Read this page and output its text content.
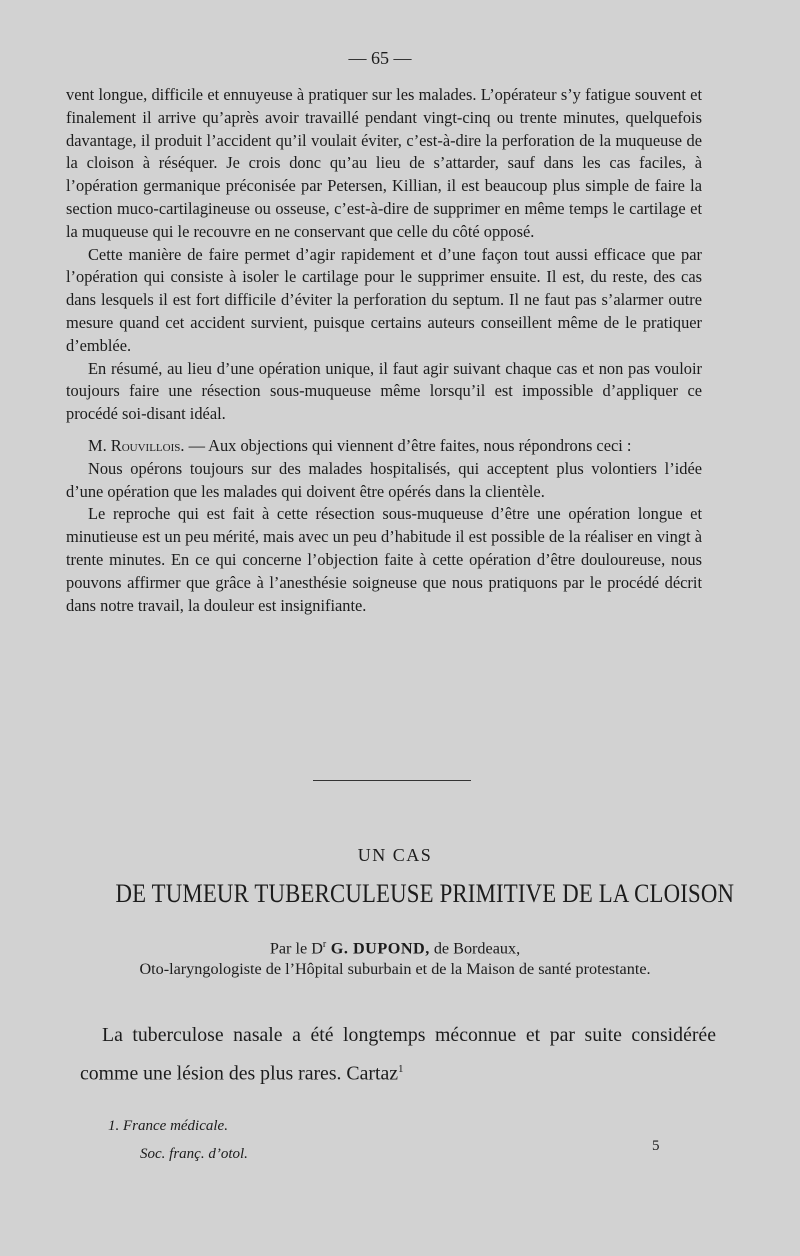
— 65 —

vent longue, difficile et ennuyeuse à pratiquer sur les malades. L’opérateur s’y fatigue souvent et finalement il arrive qu’après avoir travaillé pendant vingt-cinq ou trente minutes, quelquefois davantage, il produit l’accident qu’il voulait éviter, c’est-à-dire la perforation de la muqueuse de la cloison à réséquer. Je crois donc qu’au lieu de s’attarder, sauf dans les cas faciles, à l’opération germanique préconisée par Petersen, Killian, il est beaucoup plus simple de faire la section muco-cartilagineuse ou osseuse, c’est-à-dire de supprimer en même temps le cartilage et la muqueuse qui le recouvre en ne conservant que celle du côté opposé.

Cette manière de faire permet d’agir rapidement et d’une façon tout aussi efficace que par l’opération qui consiste à isoler le cartilage pour le supprimer ensuite. Il est, du reste, des cas dans lesquels il est fort difficile d’éviter la perforation du septum. Il ne faut pas s’alarmer outre mesure quand cet accident survient, puisque certains auteurs conseillent même de le pratiquer d’emblée.

En résumé, au lieu d’une opération unique, il faut agir suivant chaque cas et non pas vouloir toujours faire une résection sous-muqueuse même lorsqu’il est impossible d’appliquer ce procédé soi-disant idéal.

M. Rouvillois. — Aux objections qui viennent d’être faites, nous répondrons ceci :

Nous opérons toujours sur des malades hospitalisés, qui acceptent plus volontiers l’idée d’une opération que les malades qui doivent être opérés dans la clientèle.

Le reproche qui est fait à cette résection sous-muqueuse d’être une opération longue et minutieuse est un peu mérité, mais avec un peu d’habitude il est possible de la réaliser en vingt à trente minutes. En ce qui concerne l’objection faite à cette opération d’être douloureuse, nous pouvons affirmer que grâce à l’anesthésie soigneuse que nous pratiquons par le procédé décrit dans notre travail, la douleur est insignifiante.

UN CAS
DE TUMEUR TUBERCULEUSE PRIMITIVE DE LA CLOISON
Par le $D^r$ G. DUPOND, de Bordeaux,
Oto-laryngologiste de l’Hôpital suburbain et de la Maison de santé protestante.

La tuberculose nasale a été longtemps méconnue et par suite considérée comme une lésion des plus rares. Cartaz$^1$

1. France médicale.
Soc. franç. d’otol.	5
